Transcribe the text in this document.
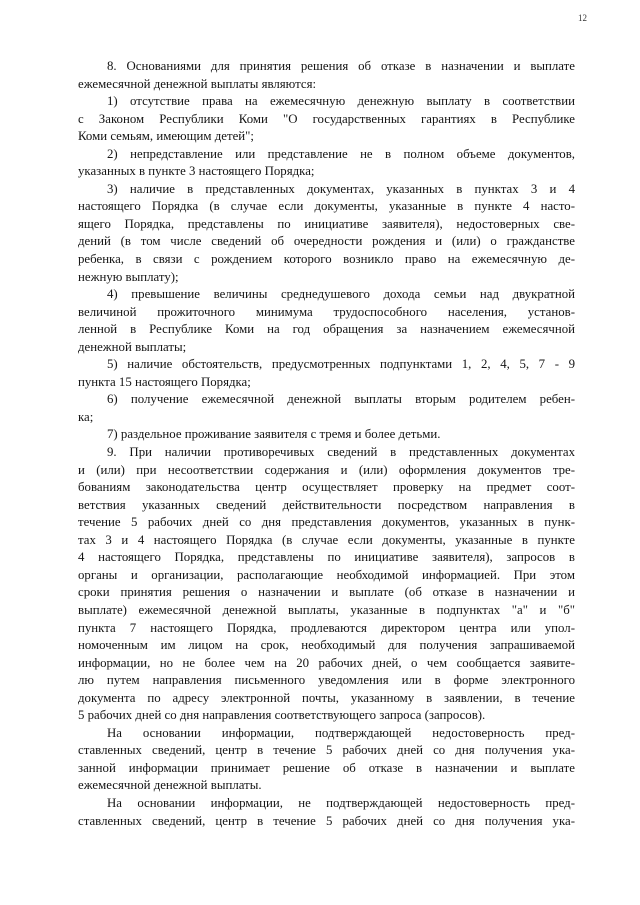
12

8. Основаниями для принятия решения об отказе в назначении и выплате
ежемесячной денежной выплаты являются:

1) отсутствие права на ежемесячную денежную выплату в соответствии
с Законом Республики Коми "О государственных гарантиях в Республике
Коми семьям, имеющим детей";

2) непредставление или представление не в полном объеме документов,
указанных в пункте 3 настоящего Порядка;

3) наличие в представленных документах, указанных в пунктах 3 и 4
настоящего Порядка (в случае если документы, указанные в пункте 4 насто-
ящего Порядка, представлены по инициативе заявителя), недостоверных све-
дений (в том числе сведений об очередности рождения и (или) о гражданстве
ребенка, в связи с рождением которого возникло право на ежемесячную де-
нежную выплату);

4) превышение величины среднедушевого дохода семьи над двукратной
величиной прожиточного минимума трудоспособного населения, установ-
ленной в Республике Коми на год обращения за назначением ежемесячной
денежной выплаты;

5) наличие обстоятельств, предусмотренных подпунктами 1, 2, 4, 5, 7 - 9
пункта 15 настоящего Порядка;

6) получение ежемесячной денежной выплаты вторым родителем ребен-
ка;

7) раздельное проживание заявителя с тремя и более детьми.

9. При наличии противоречивых сведений в представленных документах
и (или) при несоответствии содержания и (или) оформления документов тре-
бованиям законодательства центр осуществляет проверку на предмет соот-
ветствия указанных сведений действительности посредством направления в
течение 5 рабочих дней со дня представления документов, указанных в пунк-
тах 3 и 4 настоящего Порядка (в случае если документы, указанные в пункте
4 настоящего Порядка, представлены по инициативе заявителя), запросов в
органы и организации, располагающие необходимой информацией. При этом
сроки принятия решения о назначении и выплате (об отказе в назначении и
выплате) ежемесячной денежной выплаты, указанные в подпунктах "а" и "б"
пункта 7 настоящего Порядка, продлеваются директором центра или упол-
номоченным им лицом на срок, необходимый для получения запрашиваемой
информации, но не более чем на 20 рабочих дней, о чем сообщается заявите-
лю путем направления письменного уведомления или в форме электронного
документа по адресу электронной почты, указанному в заявлении, в течение
5 рабочих дней со дня направления соответствующего запроса (запросов).

На основании информации, подтверждающей недостоверность пред-
ставленных сведений, центр в течение 5 рабочих дней со дня получения ука-
занной информации принимает решение об отказе в назначении и выплате
ежемесячной денежной выплаты.

На основании информации, не подтверждающей недостоверность пред-
ставленных сведений, центр в течение 5 рабочих дней со дня получения ука-
